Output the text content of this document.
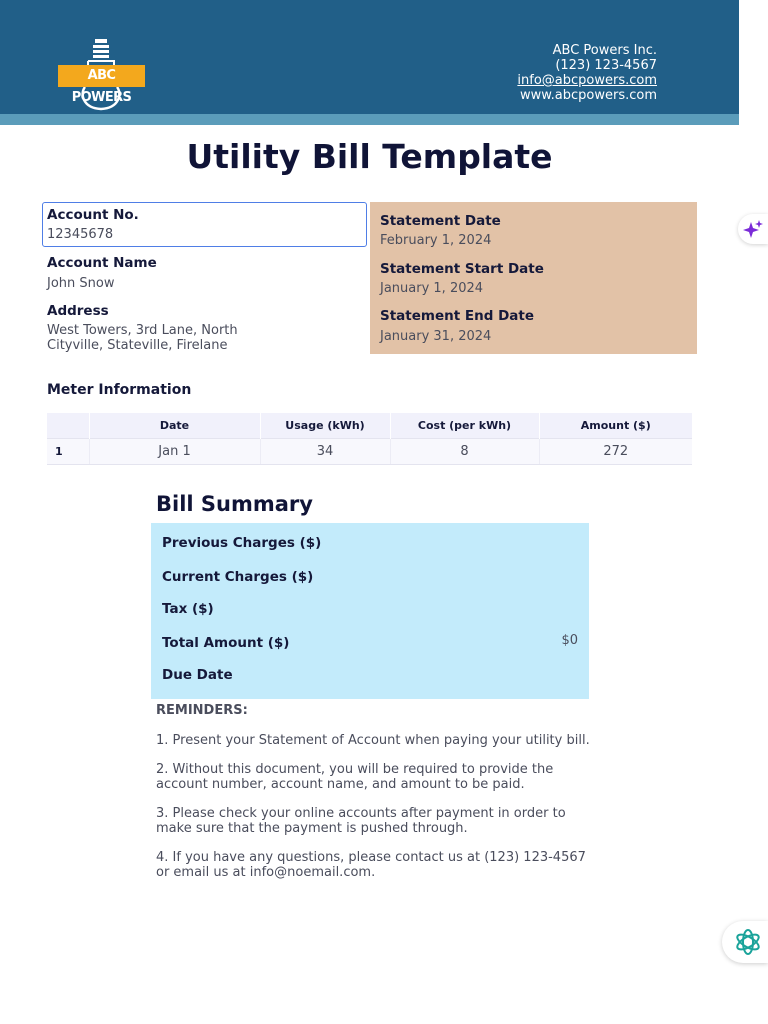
ABC POWERS
ABC Powers Inc.
(123) 123-4567
info@abcpowers.com
www.abcpowers.com
Utility Bill Template
Account No.
12345678
Account Name
John Snow
Address
West Towers, 3rd Lane, North
Cityville, Stateville, Firelane
Statement Date
February 1, 2024
Statement Start Date
January 1, 2024
Statement End Date
January 31, 2024
Meter Information
	Date	Usage (kWh)	Cost (per kWh)	Amount ($)
1	Jan 1	34	8	272
Bill Summary
Previous Charges ($)
Current Charges ($)
Tax ($)
Total Amount ($)	$0
Due Date
REMINDERS:

1. Present your Statement of Account when paying your utility bill.

2. Without this document, you will be required to provide the account number, account name, and amount to be paid.

3. Please check your online accounts after payment in order to make sure that the payment is pushed through.

4. If you have any questions, please contact us at (123) 123-4567 or email us at info@noemail.com.
